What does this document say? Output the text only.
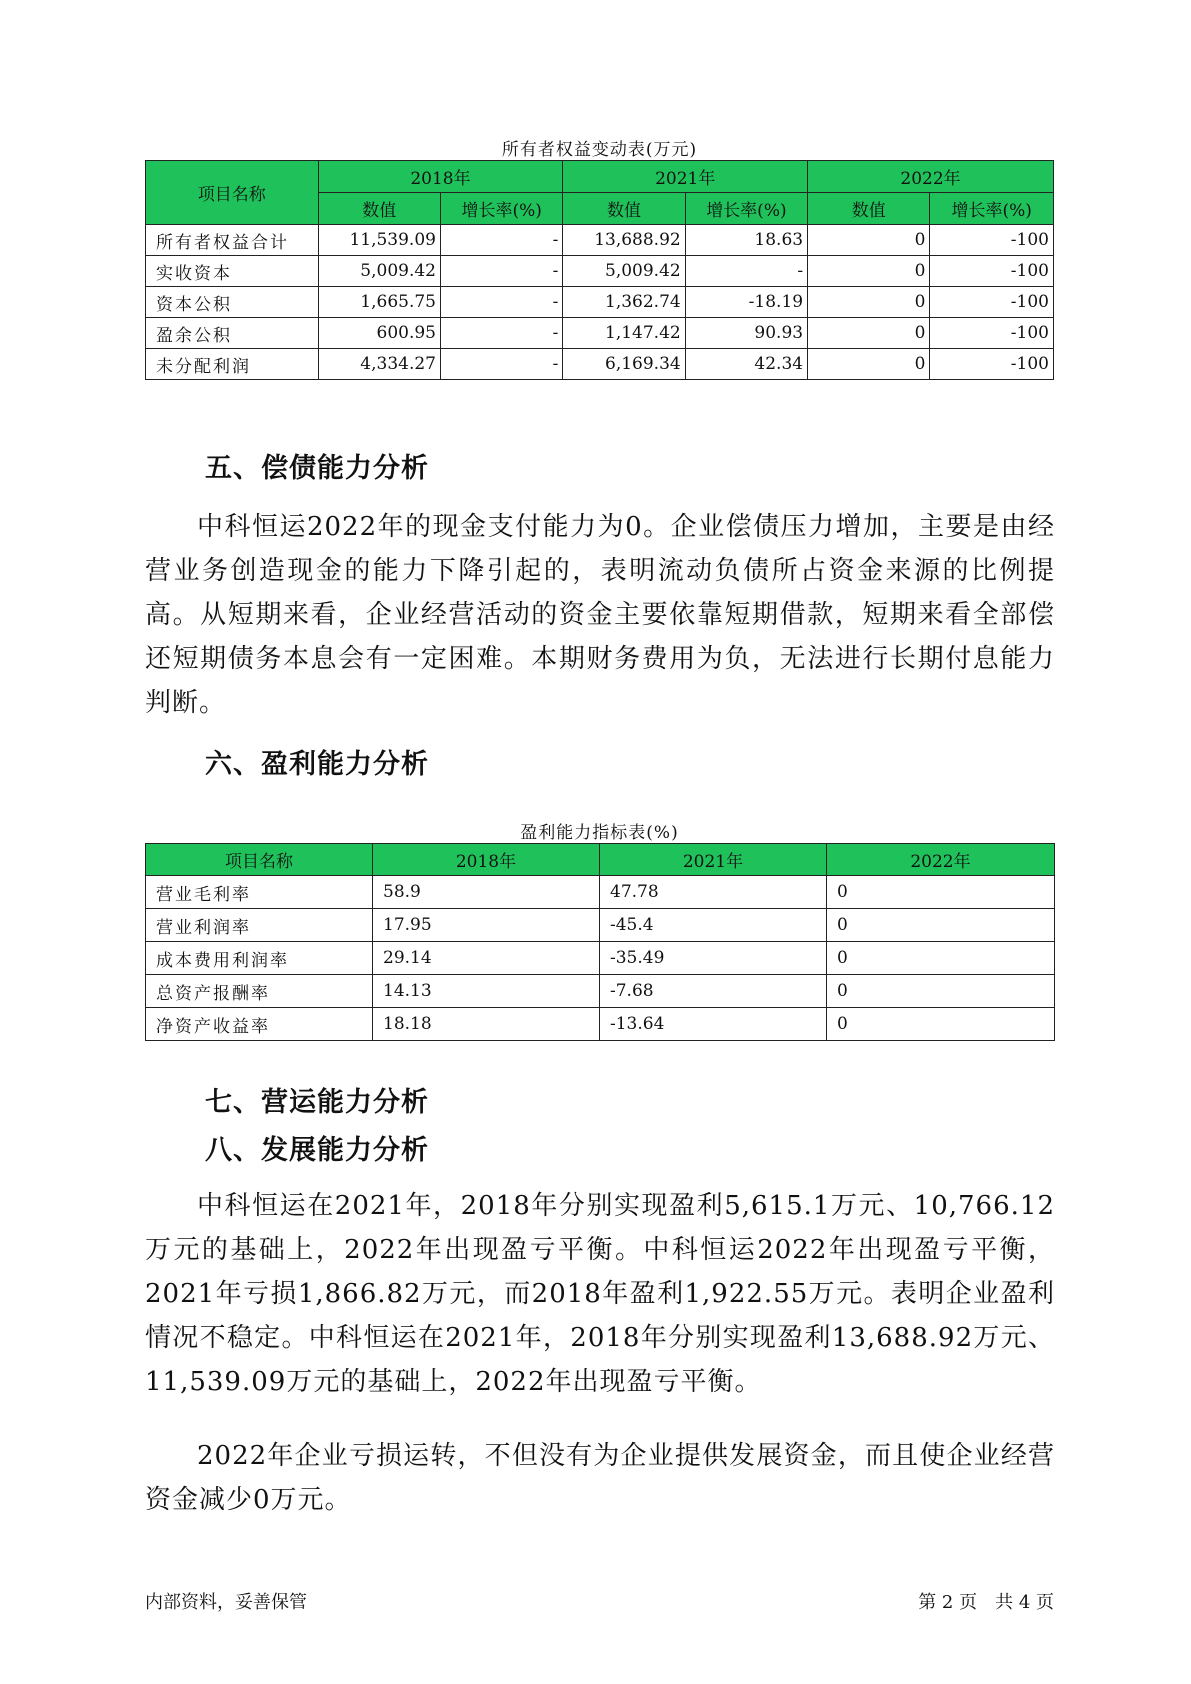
所有者权益变动表(万元)
项目名称	2018年		2021年		2022年	
	数值	增长率(%)	数值	增长率(%)	数值	增长率(%)
所有者权益合计	11,539.09	-	13,688.92	18.63	0	-100
实收资本	5,009.42	-	5,009.42	-	0	-100
资本公积	1,665.75	-	1,362.74	-18.19	0	-100
盈余公积	600.95	-	1,147.42	90.93	0	-100
未分配利润	4,334.27	-	6,169.34	42.34	0	-100
五、偿债能力分析
中科恒运2022年的现金支付能力为0。企业偿债压力增加，主要是由经营业务创造现金的能力下降引起的，表明流动负债所占资金来源的比例提高。从短期来看，企业经营活动的资金主要依靠短期借款，短期来看全部偿还短期债务本息会有一定困难。本期财务费用为负，无法进行长期付息能力判断。
六、盈利能力分析
盈利能力指标表(%)
项目名称	2018年	2021年	2022年
营业毛利率	58.9	47.78	0
营业利润率	17.95	-45.4	0
成本费用利润率	29.14	-35.49	0
总资产报酬率	14.13	-7.68	0
净资产收益率	18.18	-13.64	0
七、营运能力分析
八、发展能力分析
中科恒运在2021年，2018年分别实现盈利5,615.1万元、10,766.12万元的基础上，2022年出现盈亏平衡。中科恒运2022年出现盈亏平衡，2021年亏损1,866.82万元，而2018年盈利1,922.55万元。表明企业盈利情况不稳定。中科恒运在2021年，2018年分别实现盈利13,688.92万元、11,539.09万元的基础上，2022年出现盈亏平衡。
2022年企业亏损运转，不但没有为企业提供发展资金，而且使企业经营资金减少0万元。
内部资料，妥善保管	第 2 页　共 4 页
